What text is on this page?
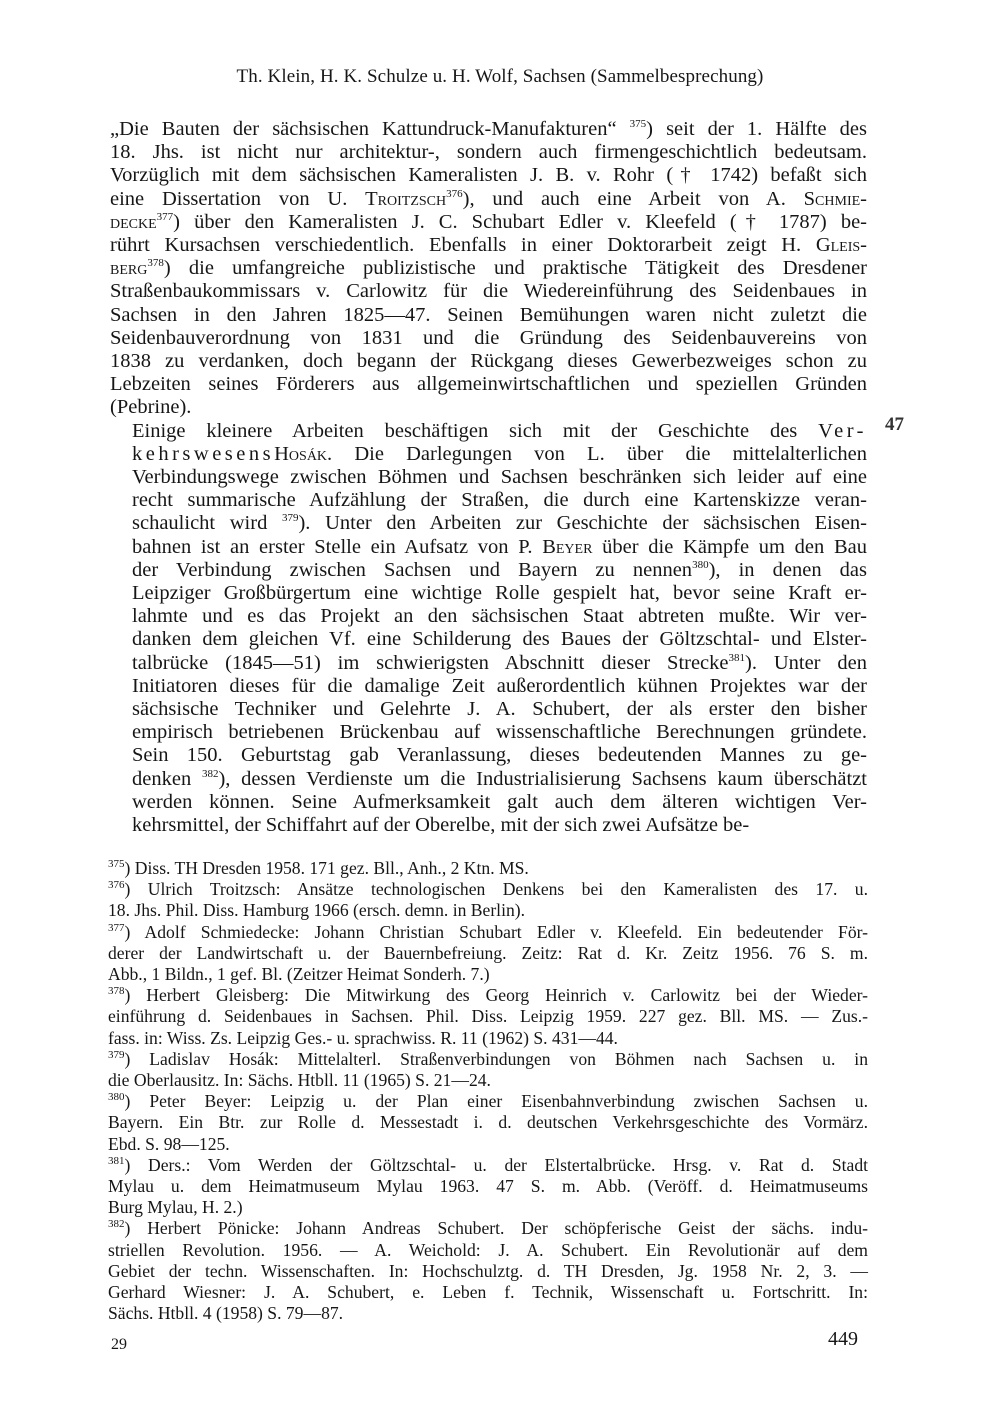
Th. Klein, H. K. Schulze u. H. Wolf, Sachsen (Sammelbesprechung)
47

„Die Bauten der sächsischen Kattundruck-Manufakturen“ $^{375}$) seit der 1. Hälfte des
18. Jhs. ist nicht nur architektur-, sondern auch firmengeschichtlich bedeutsam.
Vorzüglich mit dem sächsischen Kameralisten J. B. v. Rohr († 1742) befaßt sich
eine Dissertation von U. Troitzsch$^{376}$), und auch eine Arbeit von A. Schmie-
decke$^{377}$) über den Kameralisten J. C. Schubart Edler v. Kleefeld († 1787) be-
rührt Kursachsen verschiedentlich. Ebenfalls in einer Doktorarbeit zeigt H. Gleis-
berg$^{378}$) die umfangreiche publizistische und praktische Tätigkeit des Dresdener
Straßenbaukommissars v. Carlowitz für die Wiedereinführung des Seidenbaues in
Sachsen in den Jahren 1825—47. Seinen Bemühungen waren nicht zuletzt die
Seidenbauverordnung von 1831 und die Gründung des Seidenbauvereins von
1838 zu verdanken, doch begann der Rückgang dieses Gewerbezweiges schon zu
Lebzeiten seines Förderers aus allgemeinwirtschaftlichen und speziellen Gründen
(Pebrine).

Einige kleinere Arbeiten beschäftigen sich mit der Geschichte des Ver-
kehrswesensHosák. Die Darlegungen von L. über die mittelalterlichen
Verbindungswege zwischen Böhmen und Sachsen beschränken sich leider auf eine
recht summarische Aufzählung der Straßen, die durch eine Kartenskizze veran-
schaulicht wird $^{379}$). Unter den Arbeiten zur Geschichte der sächsischen Eisen-
bahnen ist an erster Stelle ein Aufsatz von P. Beyer über die Kämpfe um den Bau
der Verbindung zwischen Sachsen und Bayern zu nennen$^{380}$), in denen das
Leipziger Großbürgertum eine wichtige Rolle gespielt hat, bevor seine Kraft er-
lahmte und es das Projekt an den sächsischen Staat abtreten mußte. Wir ver-
danken dem gleichen Vf. eine Schilderung des Baues der Göltzschtal- und Elster-
talbrücke (1845—51) im schwierigsten Abschnitt dieser Strecke$^{381}$). Unter den
Initiatoren dieses für die damalige Zeit außerordentlich kühnen Projektes war der
sächsische Techniker und Gelehrte J. A. Schubert, der als erster den bisher
empirisch betriebenen Brückenbau auf wissenschaftliche Berechnungen gründete.
Sein 150. Geburtstag gab Veranlassung, dieses bedeutenden Mannes zu ge-
denken $^{382}$), dessen Verdienste um die Industrialisierung Sachsens kaum überschätzt
werden können. Seine Aufmerksamkeit galt auch dem älteren wichtigen Ver-
kehrsmittel, der Schiffahrt auf der Oberelbe, mit der sich zwei Aufsätze be-

$^{375}$) Diss. TH Dresden 1958. 171 gez. Bll., Anh., 2 Ktn. MS.

$^{376}$) Ulrich Troitzsch: Ansätze technologischen Denkens bei den Kameralisten des 17. u.
18. Jhs. Phil. Diss. Hamburg 1966 (ersch. demn. in Berlin).

$^{377}$) Adolf Schmiedecke: Johann Christian Schubart Edler v. Kleefeld. Ein bedeutender För-
derer der Landwirtschaft u. der Bauernbefreiung. Zeitz: Rat d. Kr. Zeitz 1956. 76 S. m.
Abb., 1 Bildn., 1 gef. Bl. (Zeitzer Heimat Sonderh. 7.)

$^{378}$) Herbert Gleisberg: Die Mitwirkung des Georg Heinrich v. Carlowitz bei der Wieder-
einführung d. Seidenbaues in Sachsen. Phil. Diss. Leipzig 1959. 227 gez. Bll. MS. — Zus.-
fass. in: Wiss. Zs. Leipzig Ges.- u. sprachwiss. R. 11 (1962) S. 431—44.

$^{379}$) Ladislav Hosák: Mittelalterl. Straßenverbindungen von Böhmen nach Sachsen u. in
die Oberlausitz. In: Sächs. Htbll. 11 (1965) S. 21—24.

$^{380}$) Peter Beyer: Leipzig u. der Plan einer Eisenbahnverbindung zwischen Sachsen u.
Bayern. Ein Btr. zur Rolle d. Messestadt i. d. deutschen Verkehrsgeschichte des Vormärz.
Ebd. S. 98—125.

$^{381}$) Ders.: Vom Werden der Göltzschtal- u. der Elstertalbrücke. Hrsg. v. Rat d. Stadt
Mylau u. dem Heimatmuseum Mylau 1963. 47 S. m. Abb. (Veröff. d. Heimatmuseums
Burg Mylau, H. 2.)

$^{382}$) Herbert Pönicke: Johann Andreas Schubert. Der schöpferische Geist der sächs. indu-
striellen Revolution. 1956. — A. Weichold: J. A. Schubert. Ein Revolutionär auf dem
Gebiet der techn. Wissenschaften. In: Hochschulztg. d. TH Dresden, Jg. 1958 Nr. 2, 3. —
Gerhard Wiesner: J. A. Schubert, e. Leben f. Technik, Wissenschaft u. Fortschritt. In:
Sächs. Htbll. 4 (1958) S. 79—87.

29	449
